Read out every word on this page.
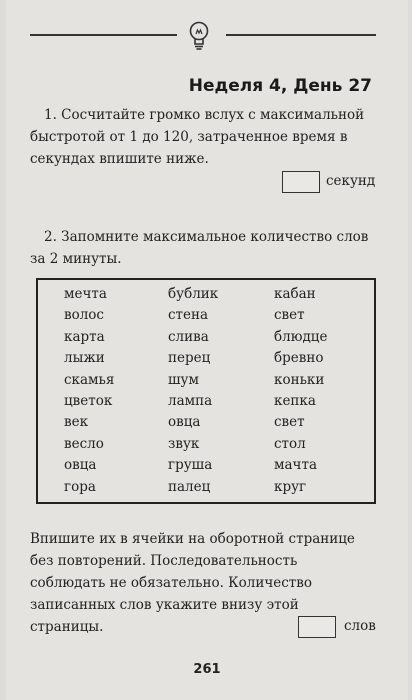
Неделя 4, День 27
1. Сосчитайте громко вслух с максимальной быстротой от 1 до 120, затраченное время в секундах впишите ниже.
секунд
2. Запомните максимальное количество слов за 2 минуты.
мечта
волос
карта
лыжи
скамья
цветок
век
весло
овца
гора
бублик
стена
слива
перец
шум
лампа
овца
звук
груша
палец
кабан
свет
блюдце
бревно
коньки
кепка
свет
стол
мачта
круг
Впишите их в ячейки на оборотной странице без повторений. Последовательность соблюдать не обязательно. Количество записанных слов укажите внизу этой страницы.	слов
261
